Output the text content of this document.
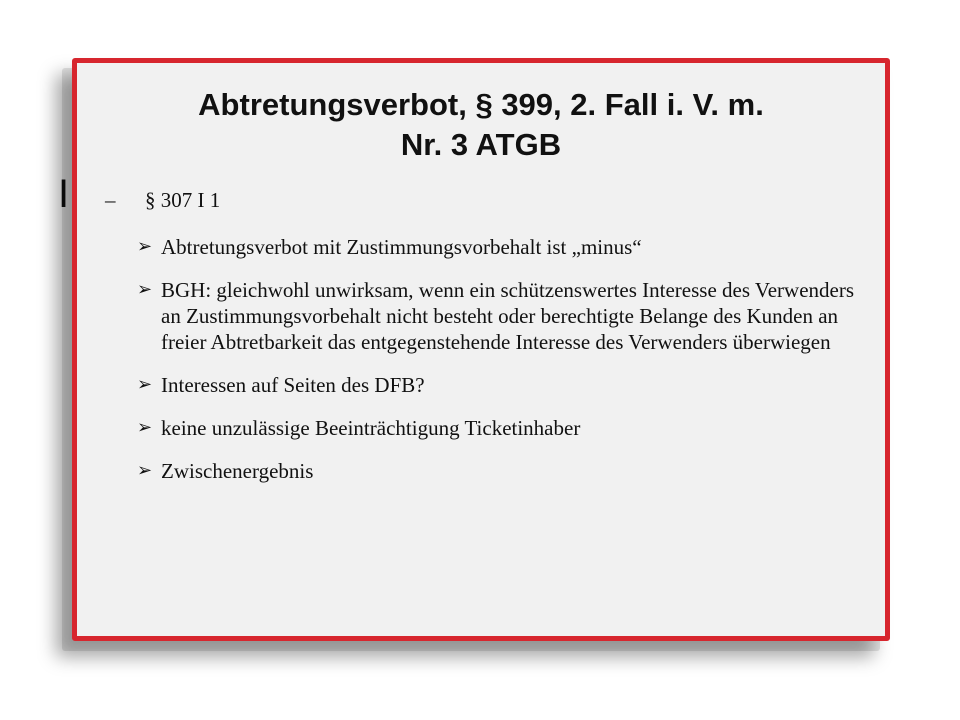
I
Abtretungsverbot, § 399, 2. Fall i. V. m.
Nr. 3 ATGB
–	§ 307 I 1
➢ Abtretungsverbot mit Zustimmungsvorbehalt ist „minus“
➢ BGH: gleichwohl unwirksam, wenn ein schützenswertes Interesse des Verwenders an Zustimmungsvorbehalt nicht besteht oder berechtigte Belange des Kunden an freier Abtretbarkeit das entgegenstehende Interesse des Verwenders überwiegen
➢ Interessen auf Seiten des DFB?
➢ keine unzulässige Beeinträchtigung Ticketinhaber
➢ Zwischenergebnis
